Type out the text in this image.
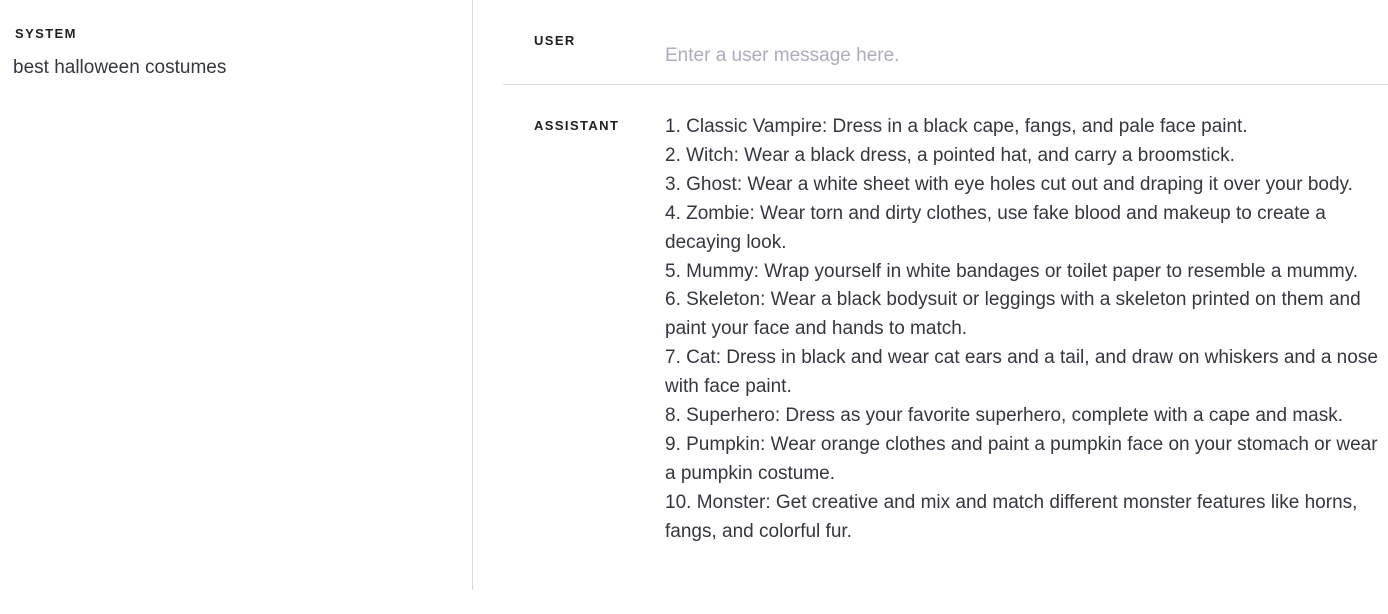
SYSTEM
best halloween costumes
USER
Enter a user message here.
ASSISTANT	1. Classic Vampire: Dress in a black cape, fangs, and pale face paint.
2. Witch: Wear a black dress, a pointed hat, and carry a broomstick.
3. Ghost: Wear a white sheet with eye holes cut out and draping it over your body.
4. Zombie: Wear torn and dirty clothes, use fake blood and makeup to create a decaying look.
5. Mummy: Wrap yourself in white bandages or toilet paper to resemble a mummy.
6. Skeleton: Wear a black bodysuit or leggings with a skeleton printed on them and paint your face and hands to match.
7. Cat: Dress in black and wear cat ears and a tail, and draw on whiskers and a nose with face paint.
8. Superhero: Dress as your favorite superhero, complete with a cape and mask.
9. Pumpkin: Wear orange clothes and paint a pumpkin face on your stomach or wear a pumpkin costume.
10. Monster: Get creative and mix and match different monster features like horns, fangs, and colorful fur.
